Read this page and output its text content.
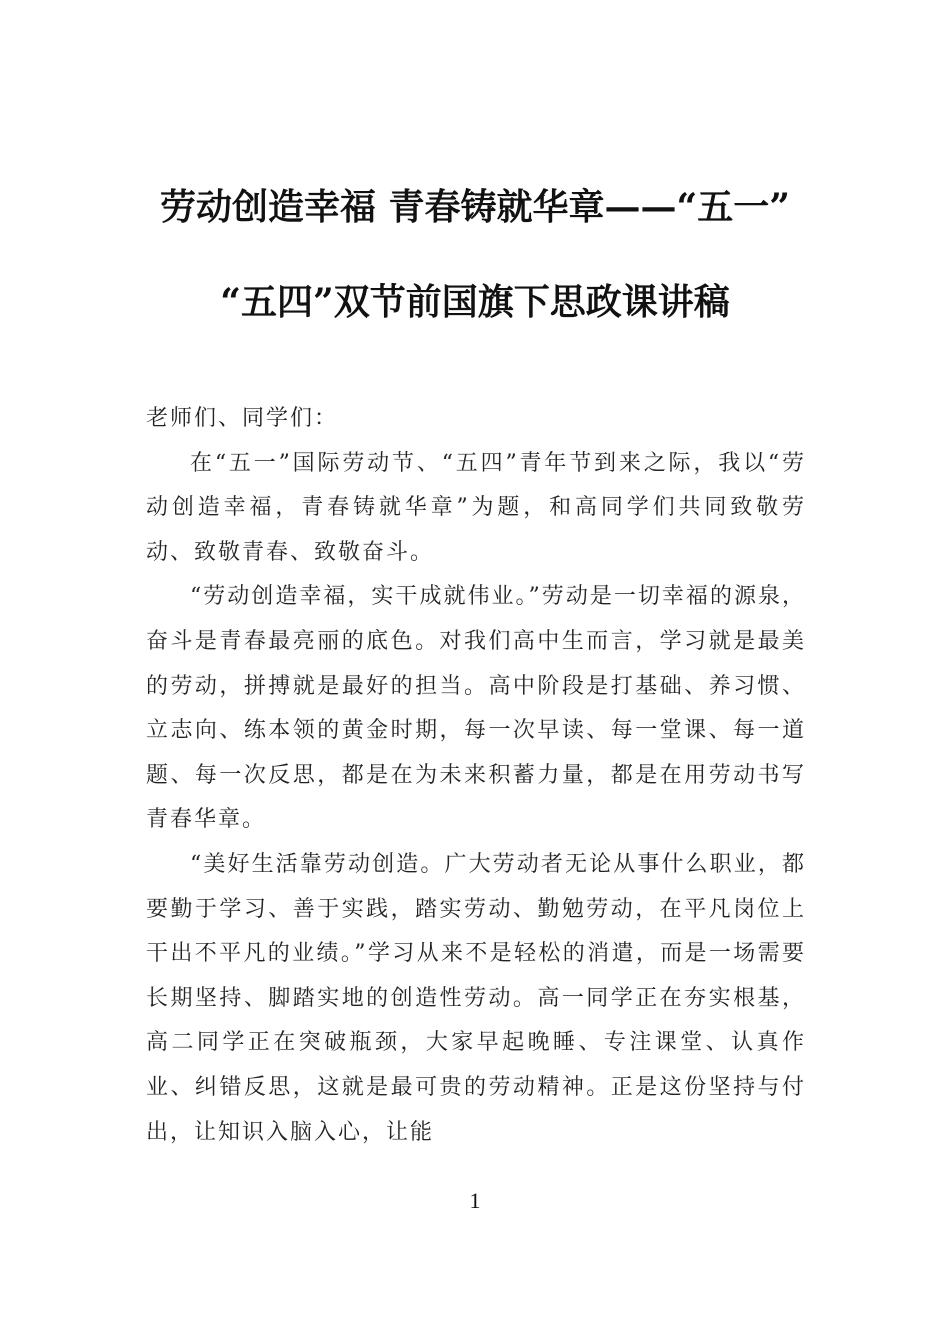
劳动创造幸福 青春铸就华章——“五一”
“五四”双节前国旗下思政课讲稿

老师们、同学们：

在“五一”国际劳动节、“五四”青年节到来之际，我以“劳动创造幸福，青春铸就华章”为题，和高同学们共同致敬劳动、致敬青春、致敬奋斗。

“劳动创造幸福，实干成就伟业。”劳动是一切幸福的源泉，奋斗是青春最亮丽的底色。对我们高中生而言，学习就是最美的劳动，拼搏就是最好的担当。高中阶段是打基础、养习惯、立志向、练本领的黄金时期，每一次早读、每一堂课、每一道题、每一次反思，都是在为未来积蓄力量，都是在用劳动书写青春华章。

“美好生活靠劳动创造。广大劳动者无论从事什么职业，都要勤于学习、善于实践，踏实劳动、勤勉劳动，在平凡岗位上干出不平凡的业绩。”学习从来不是轻松的消遣，而是一场需要长期坚持、脚踏实地的创造性劳动。高一同学正在夯实根基，高二同学正在突破瓶颈，大家早起晚睡、专注课堂、认真作业、纠错反思，这就是最可贵的劳动精神。正是这份坚持与付出，让知识入脑入心，让能

1
